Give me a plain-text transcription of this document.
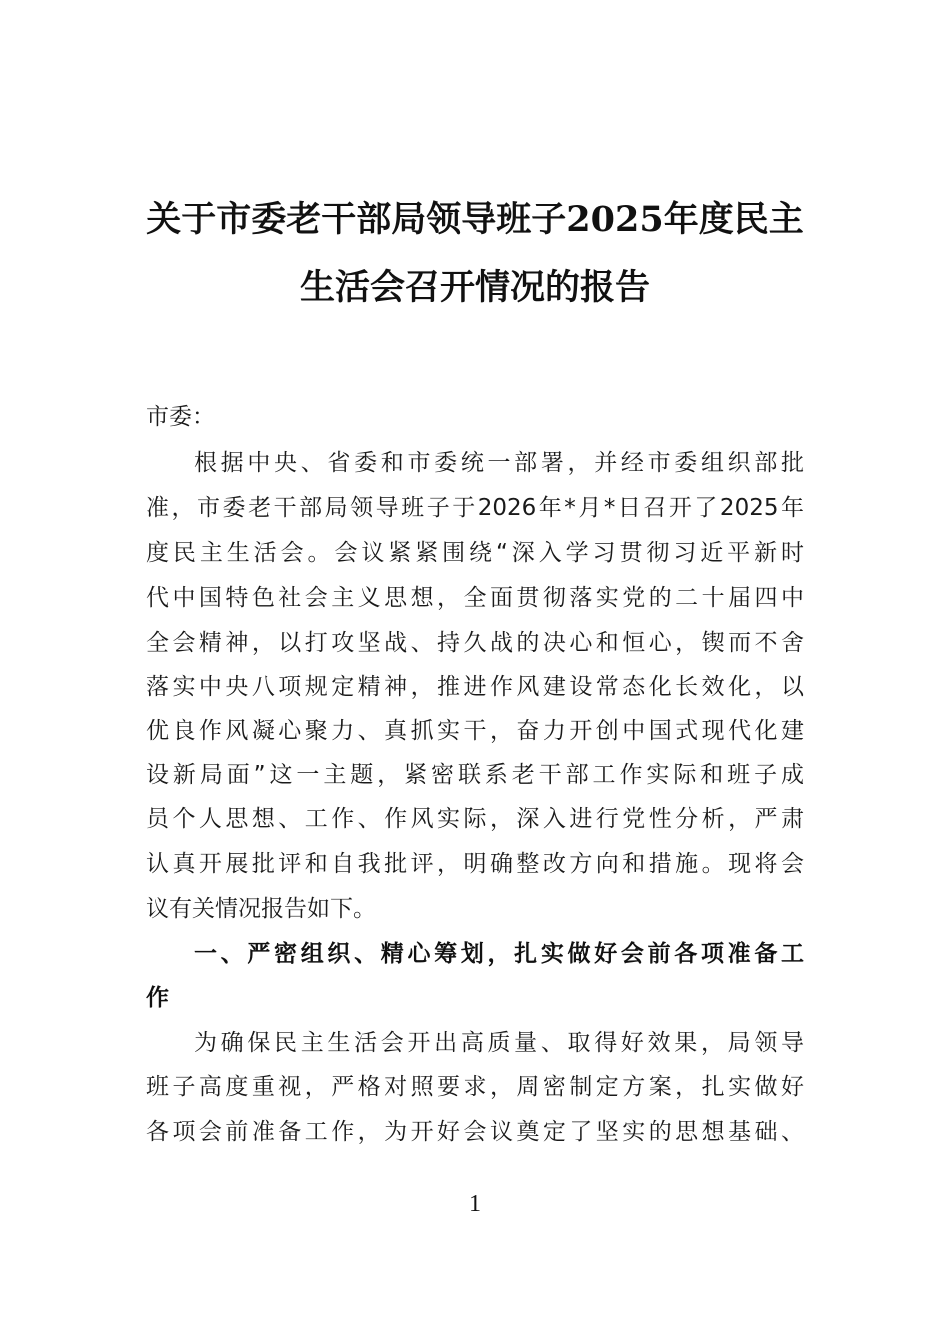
关于市委老干部局领导班子2025年度民主
生活会召开情况的报告
市委：
根据中央、省委和市委统一部署，并经市委组织部批
准，市委老干部局领导班子于2026年*月*日召开了2025年
度民主生活会。会议紧紧围绕“深入学习贯彻习近平新时
代中国特色社会主义思想，全面贯彻落实党的二十届四中
全会精神，以打攻坚战、持久战的决心和恒心，锲而不舍
落实中央八项规定精神，推进作风建设常态化长效化，以
优良作风凝心聚力、真抓实干，奋力开创中国式现代化建
设新局面”这一主题，紧密联系老干部工作实际和班子成
员个人思想、工作、作风实际，深入进行党性分析，严肃
认真开展批评和自我批评，明确整改方向和措施。现将会
议有关情况报告如下。
一、严密组织、精心筹划，扎实做好会前各项准备工
作
为确保民主生活会开出高质量、取得好效果，局领导
班子高度重视，严格对照要求，周密制定方案，扎实做好
各项会前准备工作，为开好会议奠定了坚实的思想基础、
1
